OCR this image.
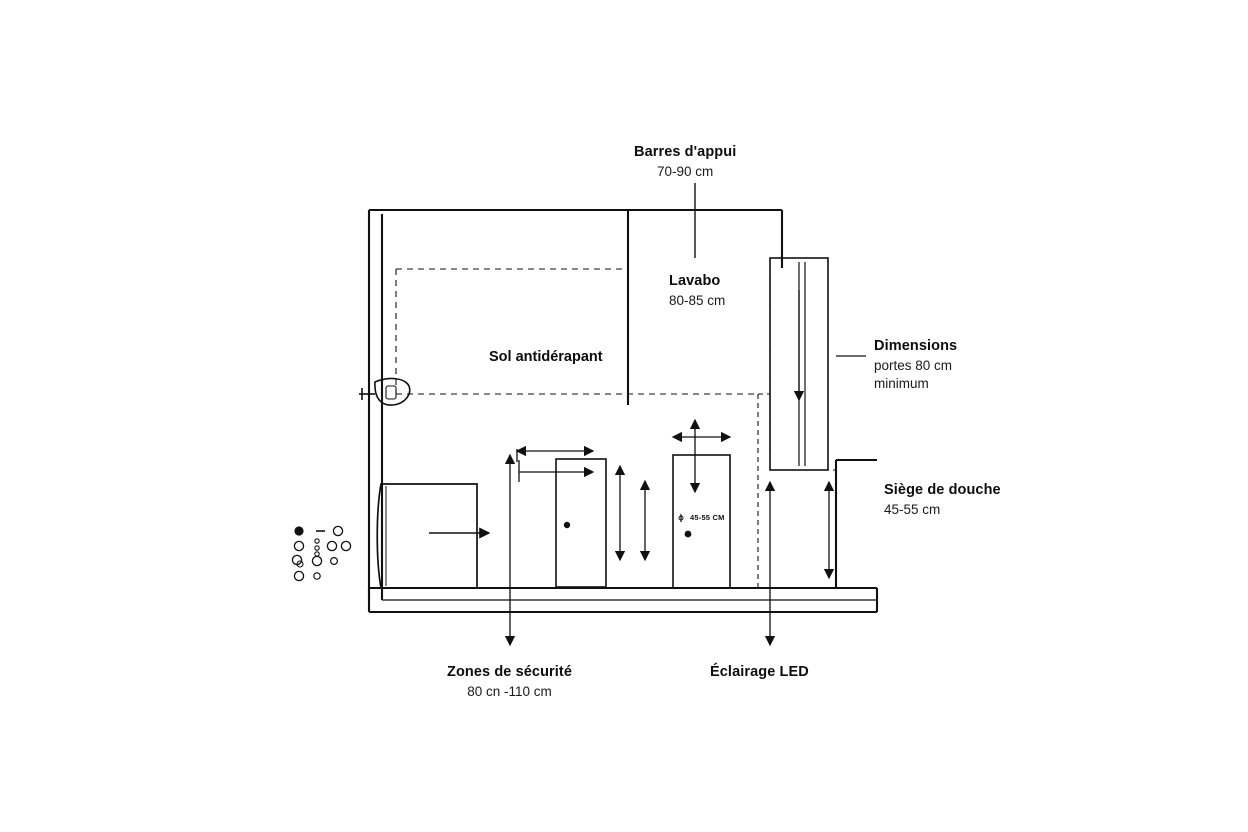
Barres d'appui
70-90 cm
Lavabo
80-85 cm
Dimensions
portes 80 cm
minimum
Siège de douche
45-55 cm
Zones de sécurité
80 cn -110 cm
Éclairage LED
Sol antidérapant
45-55 CM
